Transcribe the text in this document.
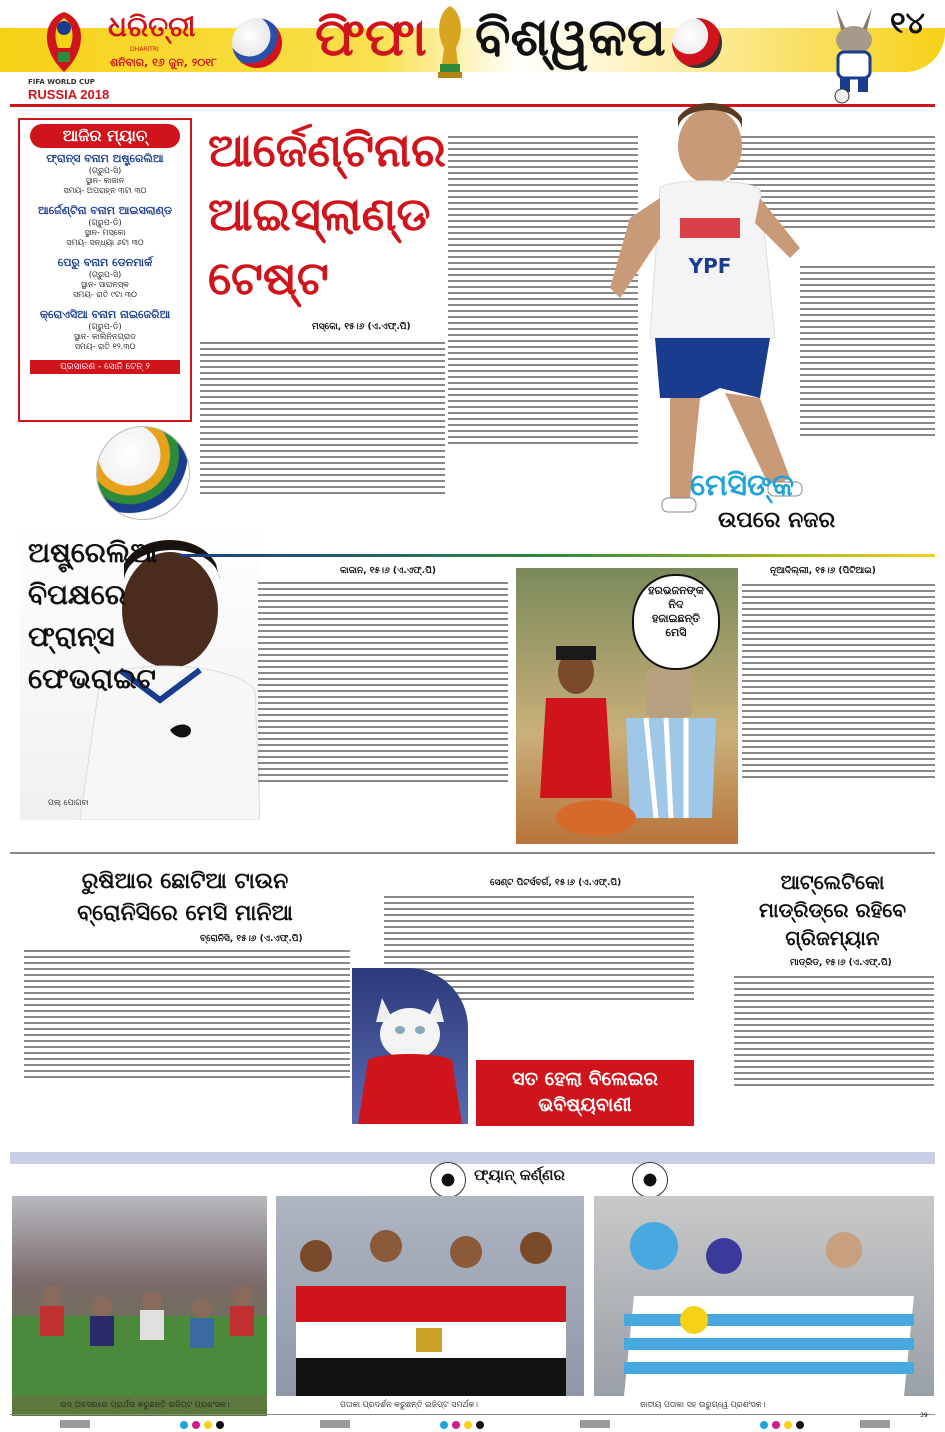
FIFA WORLD CUP
RUSSIA 2018
ଧରିତ୍ରୀ
DHARITRI
ଶନିବାର, ୧୬ ଜୁନ, ୨୦୧୮ ଫିଫା ବିଶ୍ୱକପ	୧୪
ଆଜିର ମ୍ୟାଚ୍
ଫ୍ରାନ୍ସ ବନାମ ଅଷ୍ଟ୍ରେଲିଆ
(ଗ୍ରୁପ-ସି)
ସ୍ଥାନ- କାଜାନ
ସମୟ- ଅପରାହ୍ନ ୩ଟା ୩୦
ଆର୍ଜେଣ୍ଟିନା ବନାମ ଆଇସଲାଣ୍ଡ
(ଗ୍ରୁପ-ଡି)
ସ୍ଥାନ- ମସ୍କୋ
ସମୟ- ସନ୍ଧ୍ୟା ୬ଟା ୩୦
ପେରୁ ବନାମ ଡେନମାର୍କ
(ଗ୍ରୁପ-ସି)
ସ୍ଥାନ- ସାରାନସ୍କ
ସମୟ- ରାତି ୯ଟା ୩୦
କ୍ରୋଏସିଆ ବନାମ ନାଇଜେରିଆ
(ଗ୍ରୁପ-ଡି)
ସ୍ଥାନ- କାଲିନିନଗ୍ରାଡ
ସମୟ- ରାତି ୧୨.୩୦
ପ୍ରସାରଣ - ସୋନି ଟେନ୍ ୨
ଆର୍ଜେଣ୍ଟିନାର
ଆଇସ୍‌ଲାଣ୍ଡ
ଟେଷ୍ଟ
ମସ୍କୋ, ୧୫।୬ (ଏ.ଏଫ୍.ପି)
YPF
ମେସିଙ୍କ
ଉପରେ ନଜର
ଅଷ୍ଟ୍ରେଲିଆ
ବିପକ୍ଷରେ
ଫ୍ରାନ୍ସ
ଫେଭରାଇଟ
ପଲ୍ ପୋଗବା
କାଜାନ, ୧୫।୬ (ଏ.ଏଫ୍.ପି)
ହରଭଜନଙ୍କ
ନିଦ
ହଜାଇଛନ୍ତି
ମେସି
ନୂଆଦିଲ୍ଲୀ, ୧୫।୬ (ପିଟିଆଇ)
ରୁଷିଆର ଛୋଟିଆ ଟାଉନ
ବ୍ରୋନିସିରେ ମେସି ମାନିଆ
ବ୍ରୋନିସି, ୧୫।୬ (ଏ.ଏଫ୍.ପି)
ସେଣ୍ଟ ପିଟର୍ସବର୍ଗ, ୧୫।୬ (ଏ.ଏଫ୍.ପି)
ସତ ହେଲା ବିଲେଇର
ଭବିଷ୍ୟବାଣୀ
ଆଟ୍‌ଲେଟିକୋ
ମାଡ୍ରିଡ୍‌ରେ ରହିବେ
ଗ୍ରିଜମ୍ୟାନ
ମାଡ୍ରିଡ, ୧୫।୬ (ଏ.ଏଫ୍.ପି)
ଫ୍ୟାନ୍ କର୍ଣ୍ଣର
ଇଦ୍ ଅବସରରେ ପ୍ରାର୍ଥନା କରୁଛନ୍ତି ଇଜିପ୍ଟ ପ୍ରଶଂସକ।	ପତାକା ପ୍ରଦର୍ଶନ କରୁଛନ୍ତି ଇଜିପ୍ଟ ସମର୍ଥକ।	ଜାତୀୟ ପତାକା ସହ ଉରୁଗ୍ୱେ ପ୍ରଶଂସକ।
39
